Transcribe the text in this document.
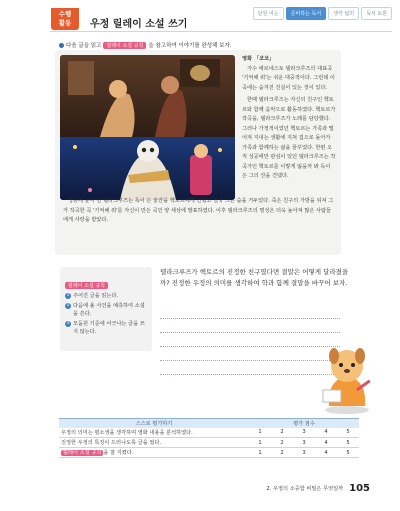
단원 여는	준비하는 독서	생각 넓히	독서 토론
수행
활동	우정 릴레이 소설 쓰기
다음 글을 읽고	릴레이 소설 규칙 을 참고하여 이야기를 완성해 보자.
영화 「코코」

가수 에르네스토 델라크루즈의 대표곡 '기억해 줘'는 쉬운 대중적이다. 그런데 이 곡에는 숨겨진 진실이 있는 것이 있다.

한때 델라크루즈는 자신의 친구인 헥토르와 함께 음악으로 활동하였다. 헥토르가 작곡을, 델라크루즈가 노래를 담당했다. 그러나 가정적이었던 헥토르는 가족과 떨어져 지내는 생활에 지쳐 집으로 돌아가 가족과 함께하는 삶을 꿈꾸었다. 한편 오직 성공에만 관심이 있던 델라크루즈는 작곡가인 헥토르를 이렇게 잃을까 봐 독이 든 그의 잔을 건넸다.

성공에 눈이 먼 델라크루즈는 독이 든 술잔을 헥토르에게 건넸고 결국 그는 숨을 거두었다. 죽은 친구의 가방을 뒤져 그가 작곡한 곡 '기억해 줘'를 자신이 만든 곡인 양 세상에 발표하였다. 이후 델라크루즈의 명성은 더욱 높아져 많은 사람들에게 사랑을 받았다.
릴레이 소설 규칙
1 주어진 글을 읽는다.
2 다음에 올 사건을 예측하여 소설을 쓴다.
3 모둠원 기준에 어긋나는 글을 쓰지 않는다.
델라크루즈가 헥토르의 진정한 친구였다면 결말은 어떻게 달라졌을까? 진정한 우정의 의미를 생각하여 학과 함께 결말을 바꾸어 보자.
스스로 평가하기	평가 점수				
우정의 의미는 평소생을 생각하며 영화 내용을 분석하였다.	1	2	3	4	5
진정한 우정의 특징이 드러나도록 글을 썼다.	1	2	3	4	5
릴레이 소설 규칙 을 잘 지켰다.	1	2	3	4	5
2. 우정의 소중함 비밀은 무엇일까 105
